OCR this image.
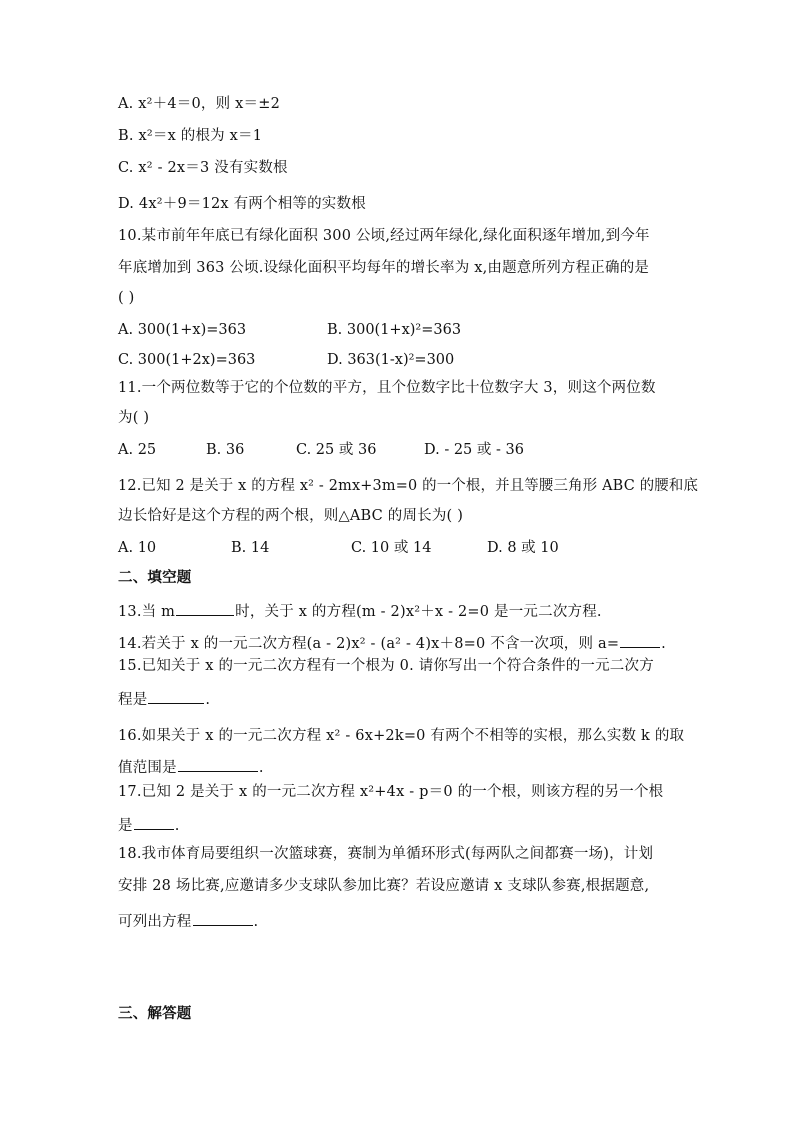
A. x²＋4＝0，则 x＝±2
B. x²＝x 的根为 x＝1
C. x² - 2x＝3 没有实数根
D. 4x²＋9＝12x 有两个相等的实数根
10.某市前年年底已有绿化面积 300 公顷,经过两年绿化,绿化面积逐年增加,到今年
年底增加到 363 公顷.设绿化面积平均每年的增长率为 x,由题意所列方程正确的是
( )
A. 300(1+x)=363	B. 300(1+x)²=363
C. 300(1+2x)=363	D. 363(1-x)²=300
11.一个两位数等于它的个位数的平方，且个位数字比十位数字大 3，则这个两位数
为( )
A. 25	B. 36	C. 25 或 36	D. - 25 或 - 36
12.已知 2 是关于 x 的方程 x² - 2mx+3m=0 的一个根，并且等腰三角形 ABC 的腰和底
边长恰好是这个方程的两个根，则△ABC 的周长为( )
A. 10	B. 14	C. 10 或 14	D. 8 或 10
二、填空题
13.当 m	时，关于 x 的方程(m - 2)x²＋x - 2=0 是一元二次方程.
14.若关于 x 的一元二次方程(a - 2)x² - (a² - 4)x＋8=0 不含一次项，则 a=	.
15.已知关于 x 的一元二次方程有一个根为 0. 请你写出一个符合条件的一元二次方
程是	.
16.如果关于 x 的一元二次方程 x² - 6x+2k=0 有两个不相等的实根，那么实数 k 的取
值范围是	.
17.已知 2 是关于 x 的一元二次方程 x²+4x - p＝0 的一个根，则该方程的另一个根
是	.
18.我市体育局要组织一次篮球赛，赛制为单循环形式(每两队之间都赛一场)，计划
安排 28 场比赛,应邀请多少支球队参加比赛？若设应邀请 x 支球队参赛,根据题意,
可列出方程	.
三、解答题
